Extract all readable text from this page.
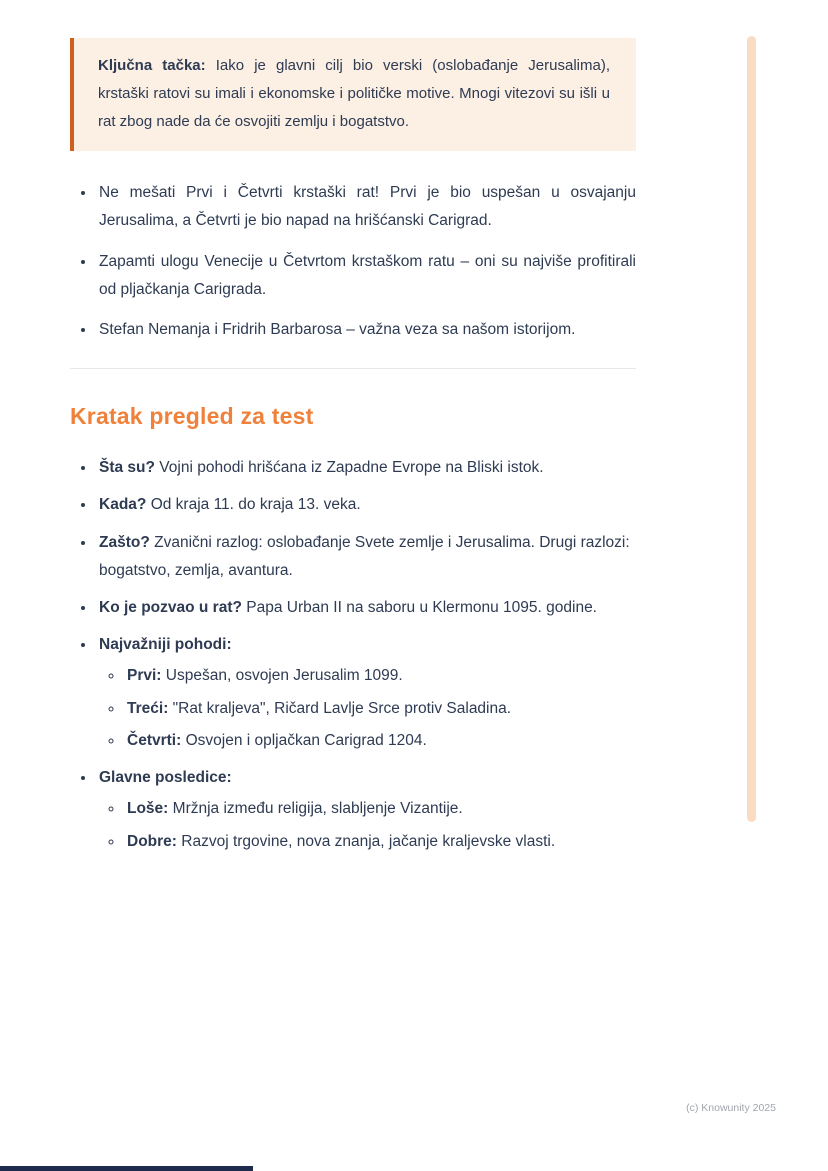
Ključna tačka: Iako je glavni cilj bio verski (oslobađanje Jerusalima), krstaški ratovi su imali i ekonomske i političke motive. Mnogi vitezovi su išli u rat zbog nade da će osvojiti zemlju i bogatstvo.

• Ne mešati Prvi i Četvrti krstaški rat! Prvi je bio uspešan u osvajanju Jerusalima, a Četvrti je bio napad na hrišćanski Carigrad.
• Zapamti ulogu Venecije u Četvrtom krstaškom ratu – oni su najviše profitirali od pljačkanja Carigrada.
• Stefan Nemanja i Fridrih Barbarosa – važna veza sa našom istorijom.
Kratak pregled za test
• Šta su? Vojni pohodi hrišćana iz Zapadne Evrope na Bliski istok.
• Kada? Od kraja 11. do kraja 13. veka.
• Zašto? Zvanični razlog: oslobađanje Svete zemlje i Jerusalima. Drugi razlozi: bogatstvo, zemlja, avantura.
• Ko je pozvao u rat? Papa Urban II na saboru u Klermonu 1095. godine.
• Najvažniji pohodi:
◦ Prvi: Uspešan, osvojen Jerusalim 1099.
◦ Treći: "Rat kraljeva", Ričard Lavlje Srce protiv Saladina.
◦ Četvrti: Osvojen i opljačkan Carigrad 1204.
• Glavne posledice:
◦ Loše: Mržnja između religija, slabljenje Vizantije.
◦ Dobre: Razvoj trgovine, nova znanja, jačanje kraljevske vlasti.
(c) Knowunity 2025
